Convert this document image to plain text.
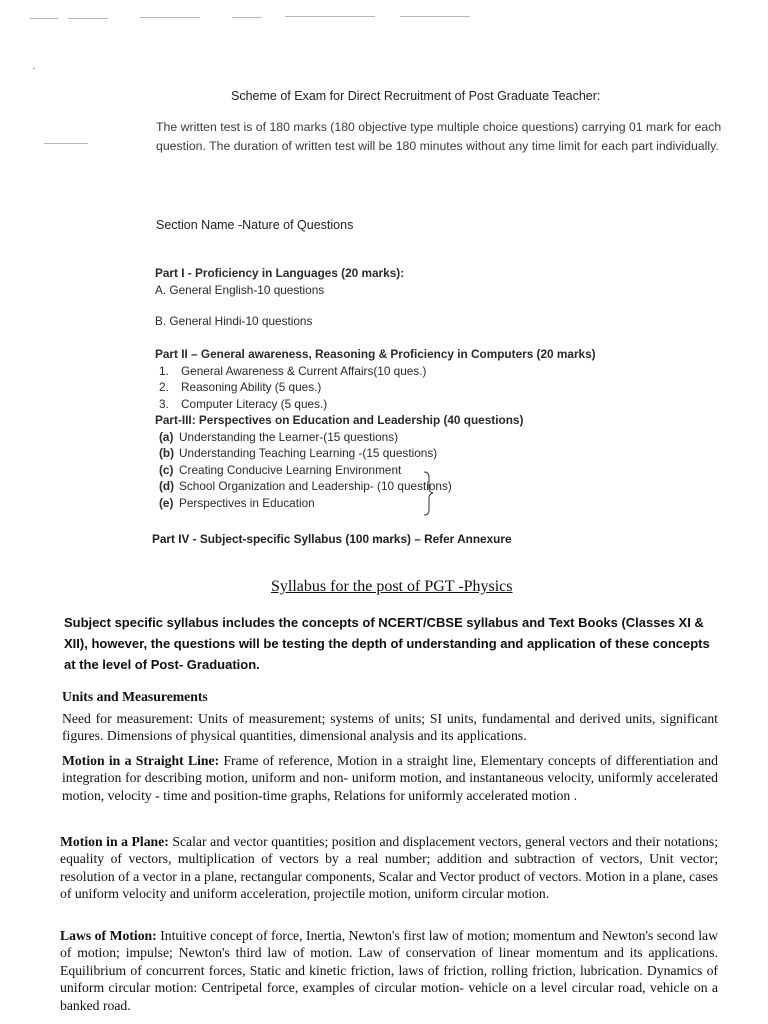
Scheme of Exam for Direct Recruitment of Post Graduate Teacher:
The written test is of 180 marks (180 objective type multiple choice questions) carrying 01 mark for each question. The duration of written test will be 180 minutes without any time limit for each part individually.
Section Name -Nature of Questions
Part I - Proficiency in Languages (20 marks):
A. General English-10 questions
B. General Hindi-10 questions
Part II – General awareness, Reasoning & Proficiency in Computers (20 marks)
1. General Awareness & Current Affairs(10 ques.)
2. Reasoning Ability (5 ques.)
3. Computer Literacy (5 ques.)
Part-III: Perspectives on Education and Leadership (40 questions)
(a) Understanding the Learner-(15 questions)
(b) Understanding Teaching Learning -(15 questions)
(c) Creating Conducive Learning Environment
(d) School Organization and Leadership- (10 questions)
(e) Perspectives in Education
Part IV - Subject-specific Syllabus (100 marks) – Refer Annexure
Syllabus for the post of PGT -Physics
Subject specific syllabus includes the concepts of NCERT/CBSE syllabus and Text Books (Classes XI & XII), however, the questions will be testing the depth of understanding and application of these concepts at the level of Post- Graduation.
Units and Measurements
Need for measurement: Units of measurement; systems of units; SI units, fundamental and derived units, significant figures. Dimensions of physical quantities, dimensional analysis and its applications.
Motion in a Straight Line: Frame of reference, Motion in a straight line, Elementary concepts of differentiation and integration for describing motion, uniform and non- uniform motion, and instantaneous velocity, uniformly accelerated motion, velocity - time and position-time graphs, Relations for uniformly accelerated motion .
Motion in a Plane: Scalar and vector quantities; position and displacement vectors, general vectors and their notations; equality of vectors, multiplication of vectors by a real number; addition and subtraction of vectors, Unit vector; resolution of a vector in a plane, rectangular components, Scalar and Vector product of vectors. Motion in a plane, cases of uniform velocity and uniform acceleration, projectile motion, uniform circular motion.
Laws of Motion: Intuitive concept of force, Inertia, Newton's first law of motion; momentum and Newton's second law of motion; impulse; Newton's third law of motion. Law of conservation of linear momentum and its applications. Equilibrium of concurrent forces, Static and kinetic friction, laws of friction, rolling friction, lubrication. Dynamics of uniform circular motion: Centripetal force, examples of circular motion- vehicle on a level circular road, vehicle on a banked road.
